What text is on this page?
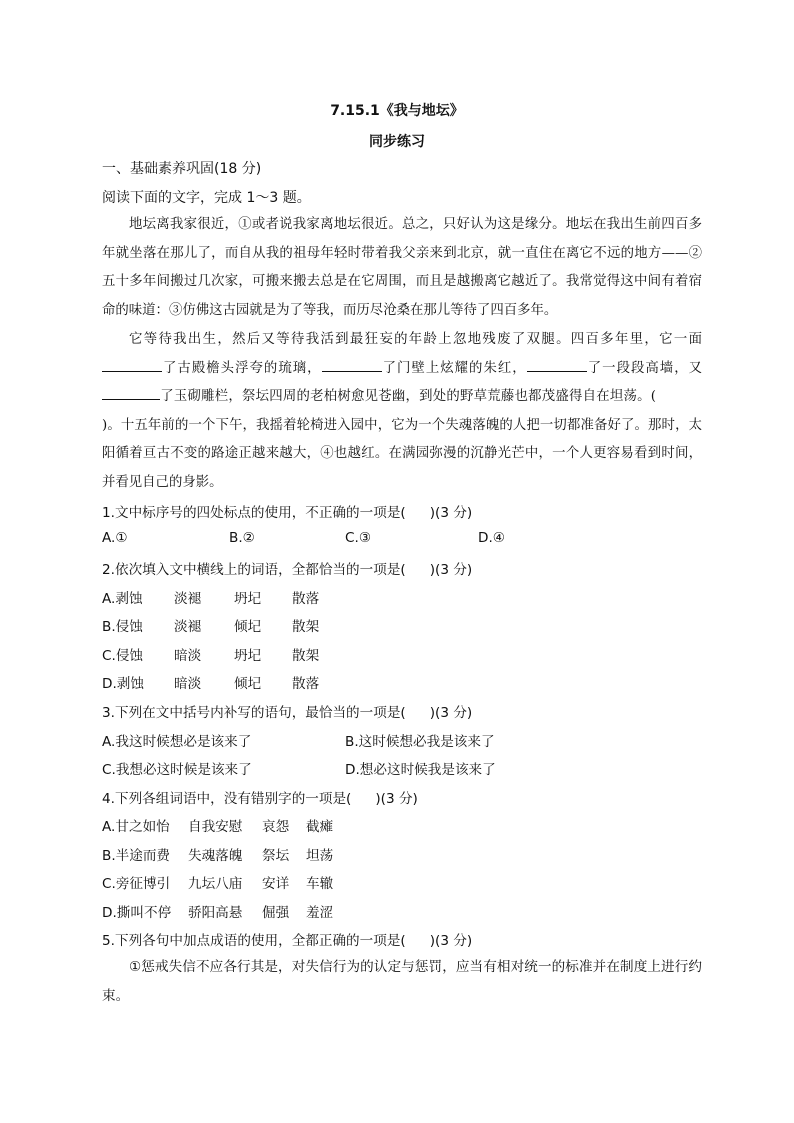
7.15.1《我与地坛》
同步练习
一、基础素养巩固(18 分)
阅读下面的文字，完成 1～3 题。
地坛离我家很近，①或者说我家离地坛很近。总之，只好认为这是缘分。地坛在我出生前四百多年就坐落在那儿了，而自从我的祖母年轻时带着我父亲来到北京，就一直住在离它不远的地方——②五十多年间搬过几次家，可搬来搬去总是在它周围，而且是越搬离它越近了。我常觉得这中间有着宿命的味道：③仿佛这古园就是为了等我，而历尽沧桑在那儿等待了四百多年。
它等待我出生，然后又等待我活到最狂妄的年龄上忽地残废了双腿。四百多年里，它一面了古殿檐头浮夸的琉璃，	了门壁上炫耀的朱红，	了一段段高墙，又了玉砌雕栏，祭坛四周的老柏树愈见苍幽，到处的野草荒藤也都茂盛得自在坦荡。()。十五年前的一个下午，我摇着轮椅进入园中，它为一个失魂落魄的人把一切都准备好了。那时，太阳循着亘古不变的路途正越来越大，④也越红。在满园弥漫的沉静光芒中，一个人更容易看到时间，并看见自己的身影。
1.文中标序号的四处标点的使用，不正确的一项是( )(3 分)
A.①	B.②	C.③	D.④
2.依次填入文中横线上的词语，全都恰当的一项是( )(3 分)
A.剥蚀 淡褪 坍圮 散落
B.侵蚀 淡褪 倾圮 散架
C.侵蚀 暗淡 坍圮 散架
D.剥蚀 暗淡 倾圮 散落
3.下列在文中括号内补写的语句，最恰当的一项是( )(3 分)
A.我这时候想必是该来了	B.这时候想必我是该来了
C.我想必这时候是该来了	D.想必这时候我是该来了
4.下列各组词语中，没有错别字的一项是( )(3 分)
A.甘之如怡 自我安慰 哀怨 截瘫
B.半途而费 失魂落魄 祭坛 坦荡
C.旁征博引 九坛八庙 安详 车辙
D.撕叫不停 骄阳高悬 倔强 羞涩
5.下列各句中加点成语的使用，全都正确的一项是( )(3 分)
①惩戒失信不应各行其是，对失信行为的认定与惩罚，应当有相对统一的标准并在制度上进行约束。
